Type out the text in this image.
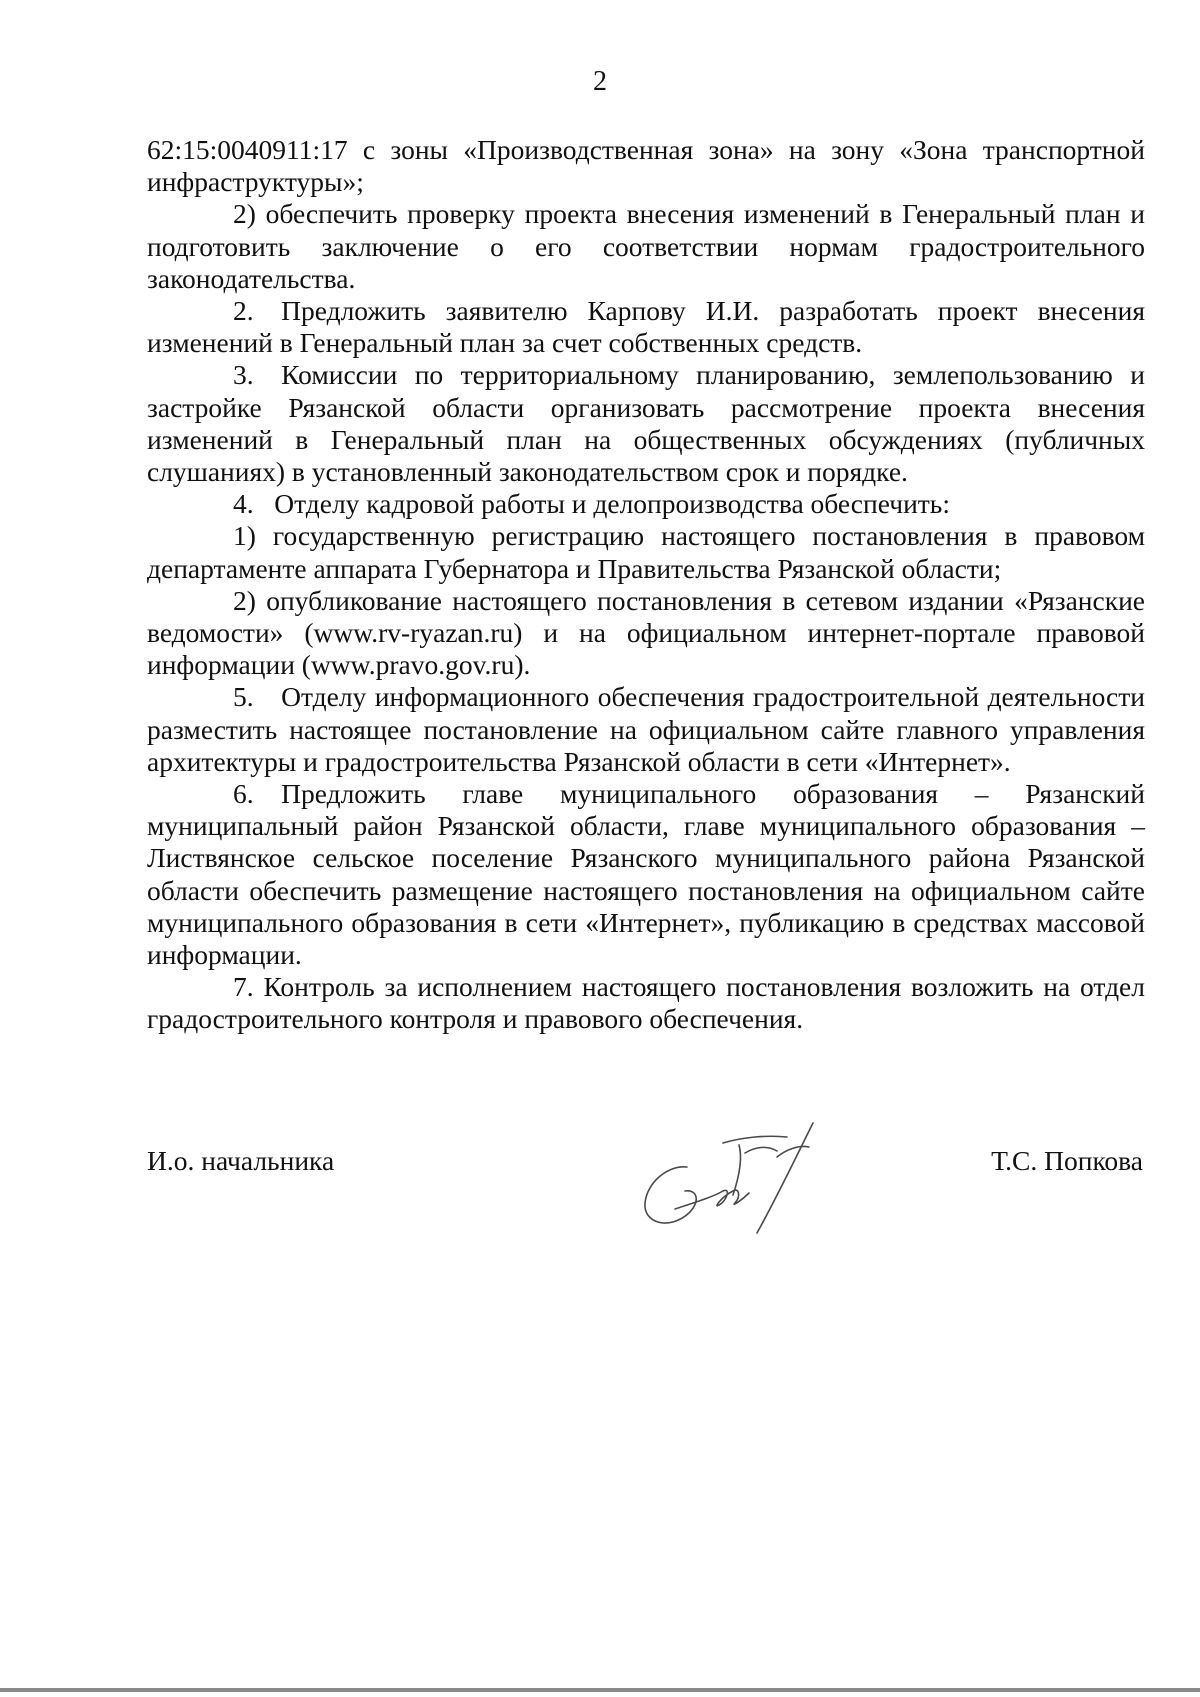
2

62:15:0040911:17 с зоны «Производственная зона» на зону «Зона транспортной инфраструктуры»;

2) обеспечить проверку проекта внесения изменений в Генеральный план и подготовить заключение о его соответствии нормам градостроительного законодательства.

2. Предложить заявителю Карпову И.И. разработать проект внесения изменений в Генеральный план за счет собственных средств.

3. Комиссии по территориальному планированию, землепользованию и застройке Рязанской области организовать рассмотрение проекта внесения изменений в Генеральный план на общественных обсуждениях (публичных слушаниях) в установленный законодательством срок и порядке.

4.  Отделу кадровой работы и делопроизводства обеспечить:

1) государственную регистрацию настоящего постановления в правовом департаменте аппарата Губернатора и Правительства Рязанской области;

2) опубликование настоящего постановления в сетевом издании «Рязанские ведомости» (www.rv-ryazan.ru) и на официальном интернет-портале правовой информации (www.pravo.gov.ru).

5. Отделу информационного обеспечения градостроительной деятельности разместить настоящее постановление на официальном сайте главного управления архитектуры и градостроительства Рязанской области в сети «Интернет».

6. Предложить главе муниципального образования – Рязанский муниципальный район Рязанской области, главе муниципального образования – Листвянское сельское поселение Рязанского муниципального района Рязанской области обеспечить размещение настоящего постановления на официальном сайте муниципального образования в сети «Интернет», публикацию в средствах массовой информации.

7. Контроль за исполнением настоящего постановления возложить на отдел градостроительного контроля и правового обеспечения.

И.о. начальника	Т.С. Попкова
